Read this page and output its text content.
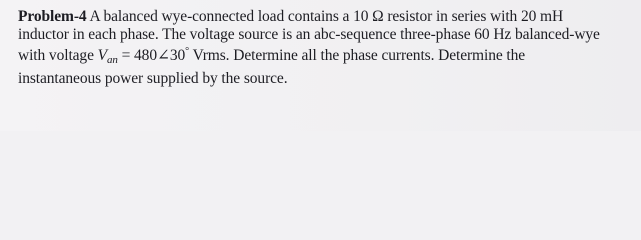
Problem-4 A balanced wye-connected load contains a 10 Ω resistor in series with 20 mH
inductor in each phase. The voltage source is an abc-sequence three-phase 60 Hz balanced-wye
with voltage $V_{an}$ = 480∠30° Vrms. Determine all the phase currents. Determine the
instantaneous power supplied by the source.
